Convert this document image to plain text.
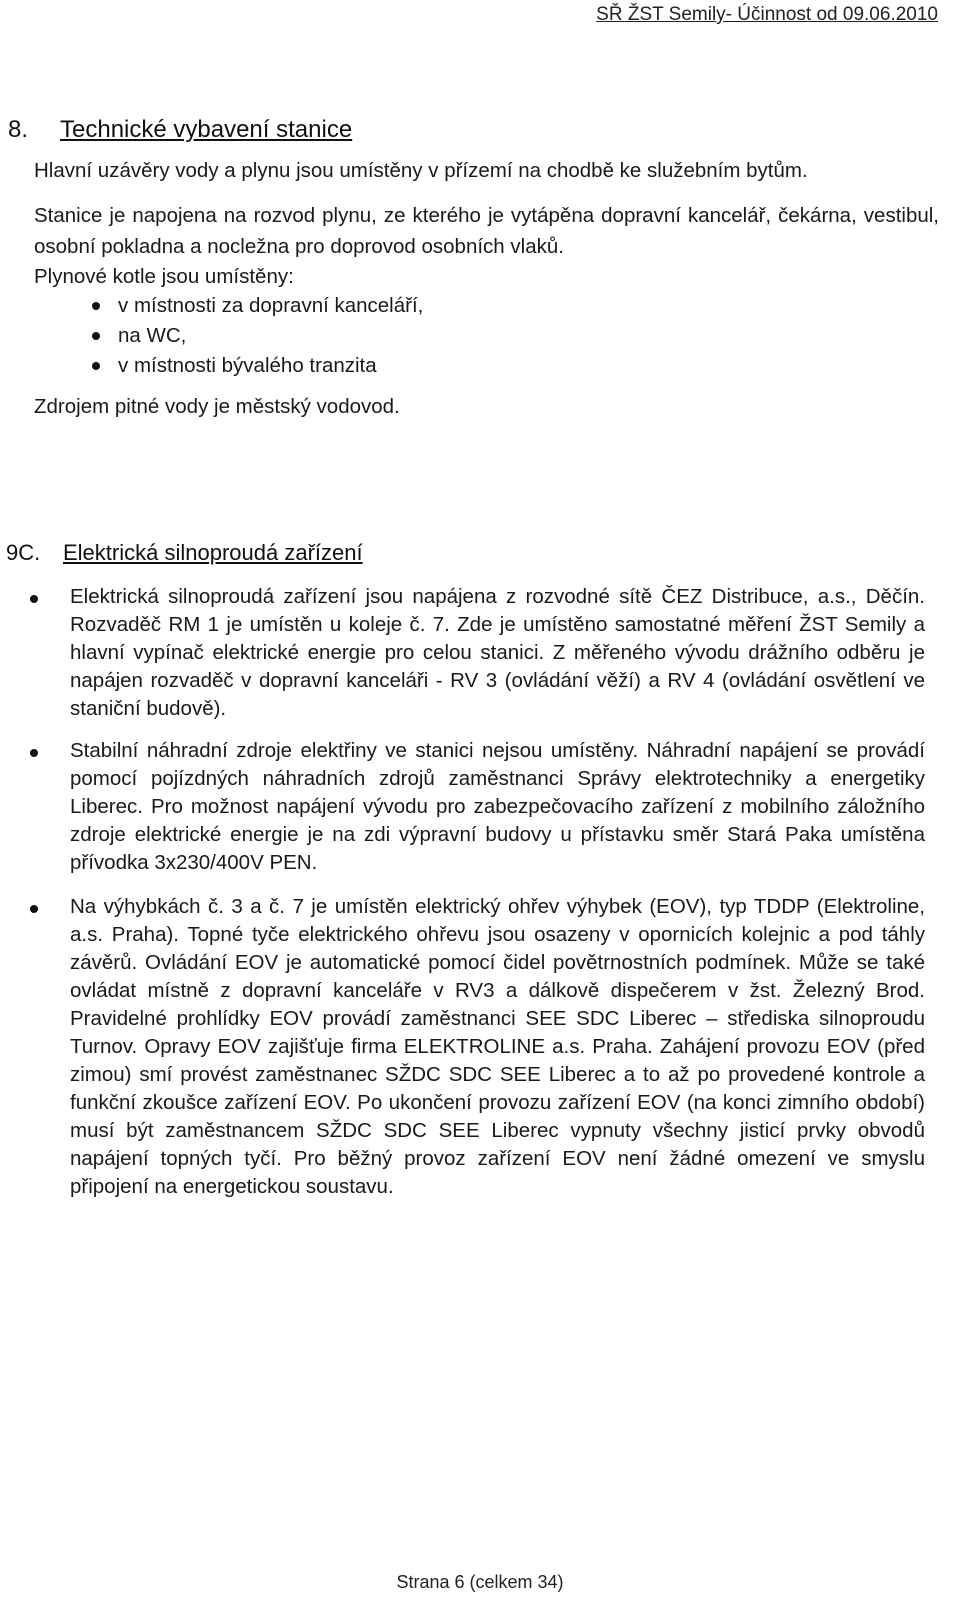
SŘ ŽST Semily- Účinnost od 09.06.2010
8. Technické vybavení stanice

Hlavní uzávěry vody a plynu jsou umístěny v přízemí na chodbě ke služebním bytům.

Stanice je napojena na rozvod plynu, ze kterého je vytápěna dopravní kancelář, čekárna, vestibul, osobní pokladna a nocležna pro doprovod osobních vlaků.

Plynové kotle jsou umístěny:

v místnosti za dopravní kanceláří,
na WC,
v místnosti bývalého tranzita

Zdrojem pitné vody je městský vodovod.

9C. Elektrická silnoproudá zařízení
Elektrická silnoproudá zařízení jsou napájena z rozvodné sítě ČEZ Distribuce, a.s., Děčín. Rozvaděč RM 1 je umístěn u koleje č. 7. Zde je umístěno samostatné měření ŽST Semily a hlavní vypínač elektrické energie pro celou stanici. Z měřeného vývodu drážního odběru je napájen rozvaděč v dopravní kanceláři - RV 3 (ovládání věží) a RV 4 (ovládání osvětlení ve staniční budově).
Stabilní náhradní zdroje elektřiny ve stanici nejsou umístěny. Náhradní napájení se provádí pomocí pojízdných náhradních zdrojů zaměstnanci Správy elektrotechniky a energetiky Liberec. Pro možnost napájení vývodu pro zabezpečovacího zařízení z mobilního záložního zdroje elektrické energie je na zdi výpravní budovy u přístavku směr Stará Paka umístěna přívodka 3x230/400V PEN.
Na výhybkách č. 3 a č. 7 je umístěn elektrický ohřev výhybek (EOV), typ TDDP (Elektroline, a.s. Praha). Topné tyče elektrického ohřevu jsou osazeny v opornicích kolejnic a pod táhly závěrů. Ovládání EOV je automatické pomocí čidel povětrnostních podmínek. Může se také ovládat místně z dopravní kanceláře v RV3 a dálkově dispečerem v žst. Železný Brod. Pravidelné prohlídky EOV provádí zaměstnanci SEE SDC Liberec – střediska silnoproudu Turnov. Opravy EOV zajišťuje firma ELEKTROLINE a.s. Praha. Zahájení provozu EOV (před zimou) smí provést zaměstnanec SŽDC SDC SEE Liberec a to až po provedené kontrole a funkční zkoušce zařízení EOV. Po ukončení provozu zařízení EOV (na konci zimního období) musí být zaměstnancem SŽDC SDC SEE Liberec vypnuty všechny jisticí prvky obvodů napájení topných tyčí. Pro běžný provoz zařízení EOV není žádné omezení ve smyslu připojení na energetickou soustavu.
Strana 6 (celkem 34)
